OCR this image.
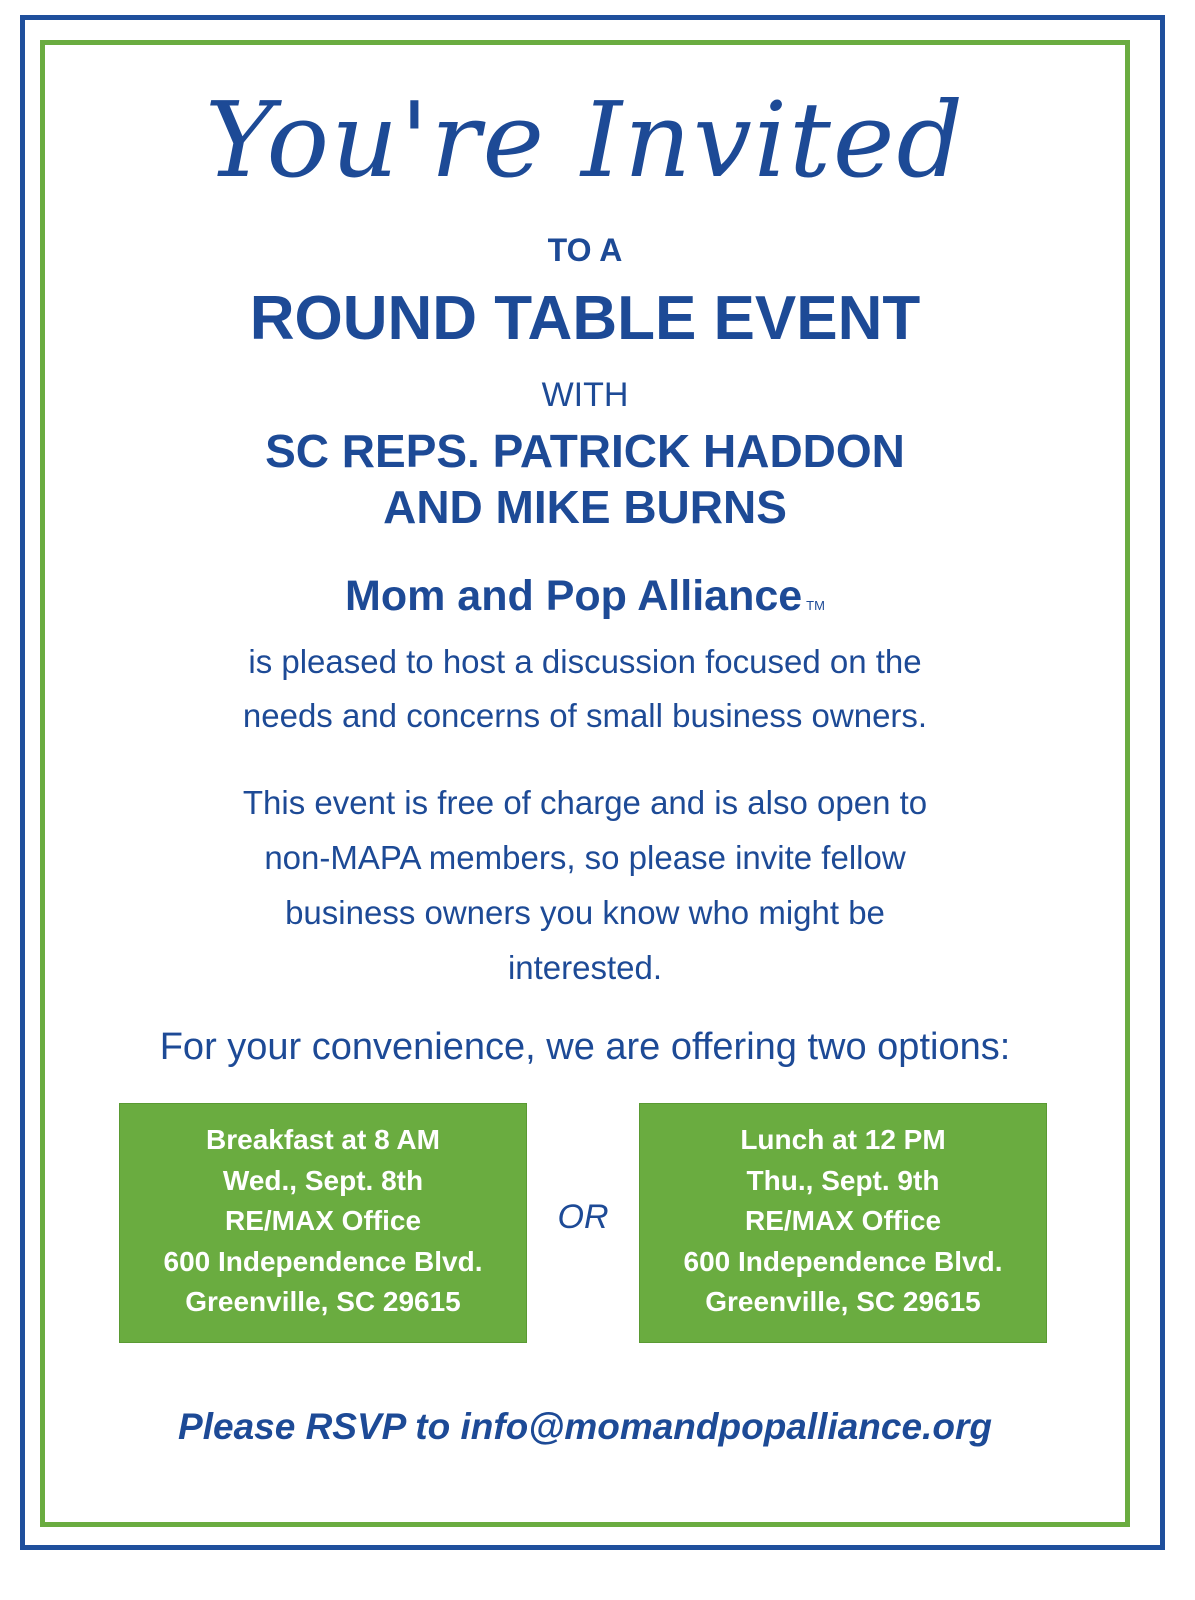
You're Invited
TO A
ROUND TABLE EVENT
WITH
SC REPS. PATRICK HADDON
AND MIKE BURNS
Mom and Pop Alliance TM
is pleased to host a discussion focused on the
needs and concerns of small business owners.
This event is free of charge and is also open to
non-MAPA members, so please invite fellow
business owners you know who might be
interested.
For your convenience, we are offering two options:
Breakfast at 8 AM
Wed., Sept. 8th
RE/MAX Office
600 Independence Blvd.
Greenville, SC 29615
OR
Lunch at 12 PM
Thu., Sept. 9th
RE/MAX Office
600 Independence Blvd.
Greenville, SC 29615
Please RSVP to info@momandpopalliance.org
